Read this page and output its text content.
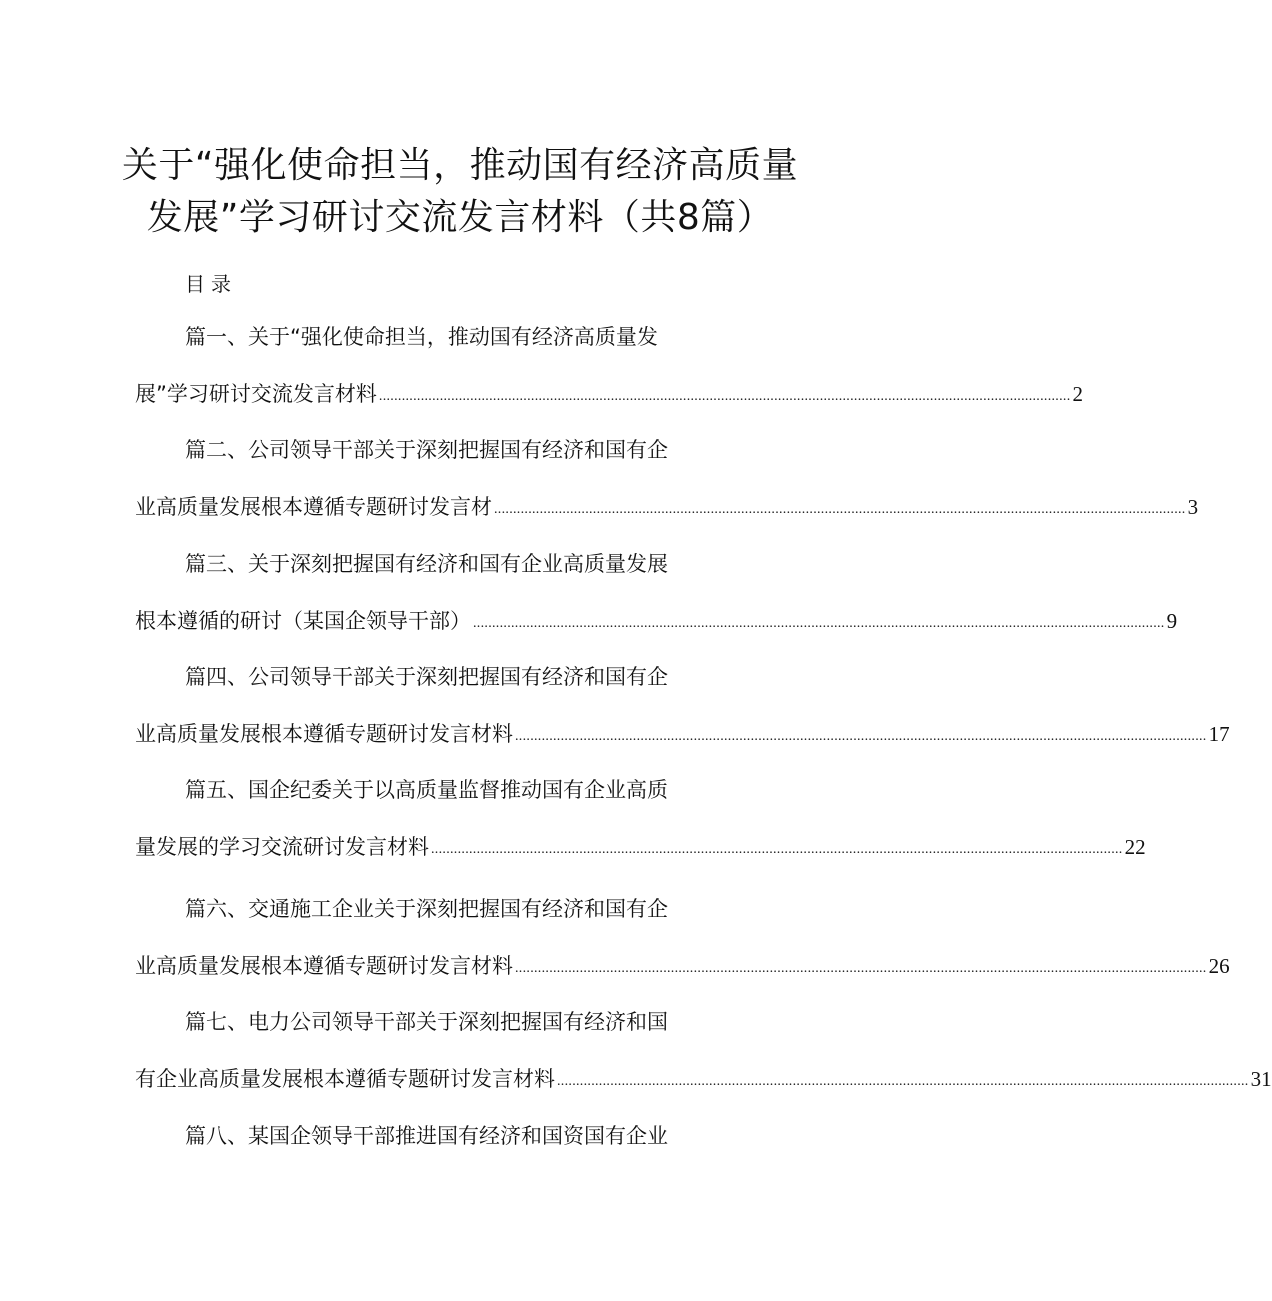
关于“强化使命担当，推动国有经济高质量
发展”学习研讨交流发言材料（共8篇）
目录
篇一、关于“强化使命担当，推动国有经济高质量发
展”学习研讨交流发言材料 ...................................................................................................................................................................................... 2
篇二、公司领导干部关于深刻把握国有经济和国有企
业高质量发展根本遵循专题研讨发言材 ...................................................................................................................................................................................... 3
篇三、关于深刻把握国有经济和国有企业高质量发展
根本遵循的研讨（某国企领导干部） ...................................................................................................................................................................................... 9
篇四、公司领导干部关于深刻把握国有经济和国有企
业高质量发展根本遵循专题研讨发言材料 ...................................................................................................................................................................................... 17
篇五、国企纪委关于以高质量监督推动国有企业高质
量发展的学习交流研讨发言材料 ...................................................................................................................................................................................... 22
篇六、交通施工企业关于深刻把握国有经济和国有企
业高质量发展根本遵循专题研讨发言材料 ...................................................................................................................................................................................... 26
篇七、电力公司领导干部关于深刻把握国有经济和国
有企业高质量发展根本遵循专题研讨发言材料 ...................................................................................................................................................................................... 31
篇八、某国企领导干部推进国有经济和国资国有企业
